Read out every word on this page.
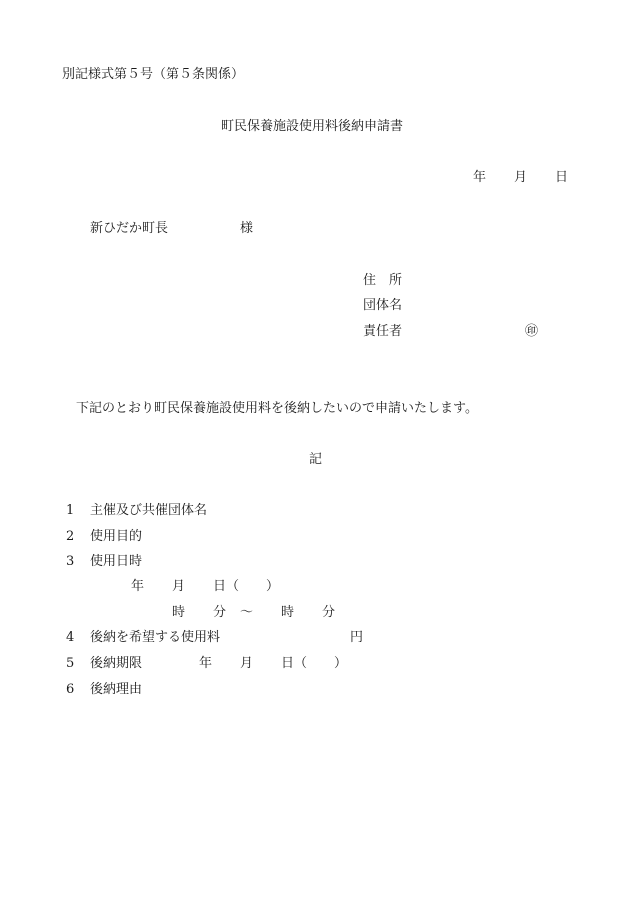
別記様式第５号（第５条関係）
町民保養施設使用料後納申請書
年 月 日
新ひだか町長	様
住　所
団体名
責任者	㊞
下記のとおり町民保養施設使用料を後納したいので申請いたします。
記
1 主催及び共催団体名
2 使用目的
3 使用日時
年 月 日（ ）
時 分 ～ 時 分
4 後納を希望する使用料	円
5 後納期限	年 月 日（ ）
6 後納理由
